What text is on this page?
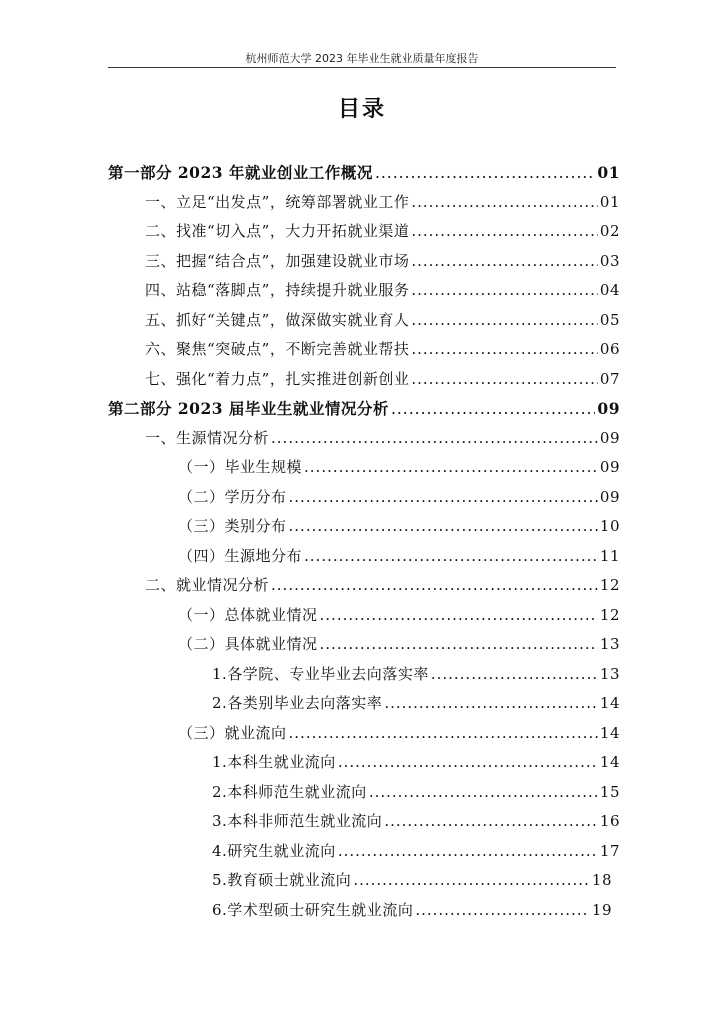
杭州师范大学 2023 年毕业生就业质量年度报告
目录
第一部分 2023 年就业创业工作概况 .....	01
一、立足“出发点”，统筹部署就业工作 .....	01
二、找准“切入点”，大力开拓就业渠道 .....	02
三、把握“结合点”，加强建设就业市场 .....	03
四、站稳“落脚点”，持续提升就业服务 .....	04
五、抓好“关键点”，做深做实就业育人 .....	05
六、聚焦“突破点”，不断完善就业帮扶 .....	06
七、强化“着力点”，扎实推进创新创业 .....	07
第二部分 2023 届毕业生就业情况分析 .....	09
一、生源情况分析 .....	09
（一）毕业生规模 .....	09
（二）学历分布 .....	09
（三）类别分布 .....	10
（四）生源地分布 .....	11
二、就业情况分析 .....	12
（一）总体就业情况 .....	12
（二）具体就业情况 .....	13
1.各学院、专业毕业去向落实率 .....	13
2.各类别毕业去向落实率 .....	14
（三）就业流向 .....	14
1.本科生就业流向 .....	14
2.本科师范生就业流向 .....	15
3.本科非师范生就业流向 .....	16
4.研究生就业流向 .....	17
5.教育硕士就业流向 .....	18
6.学术型硕士研究生就业流向 .....	19
